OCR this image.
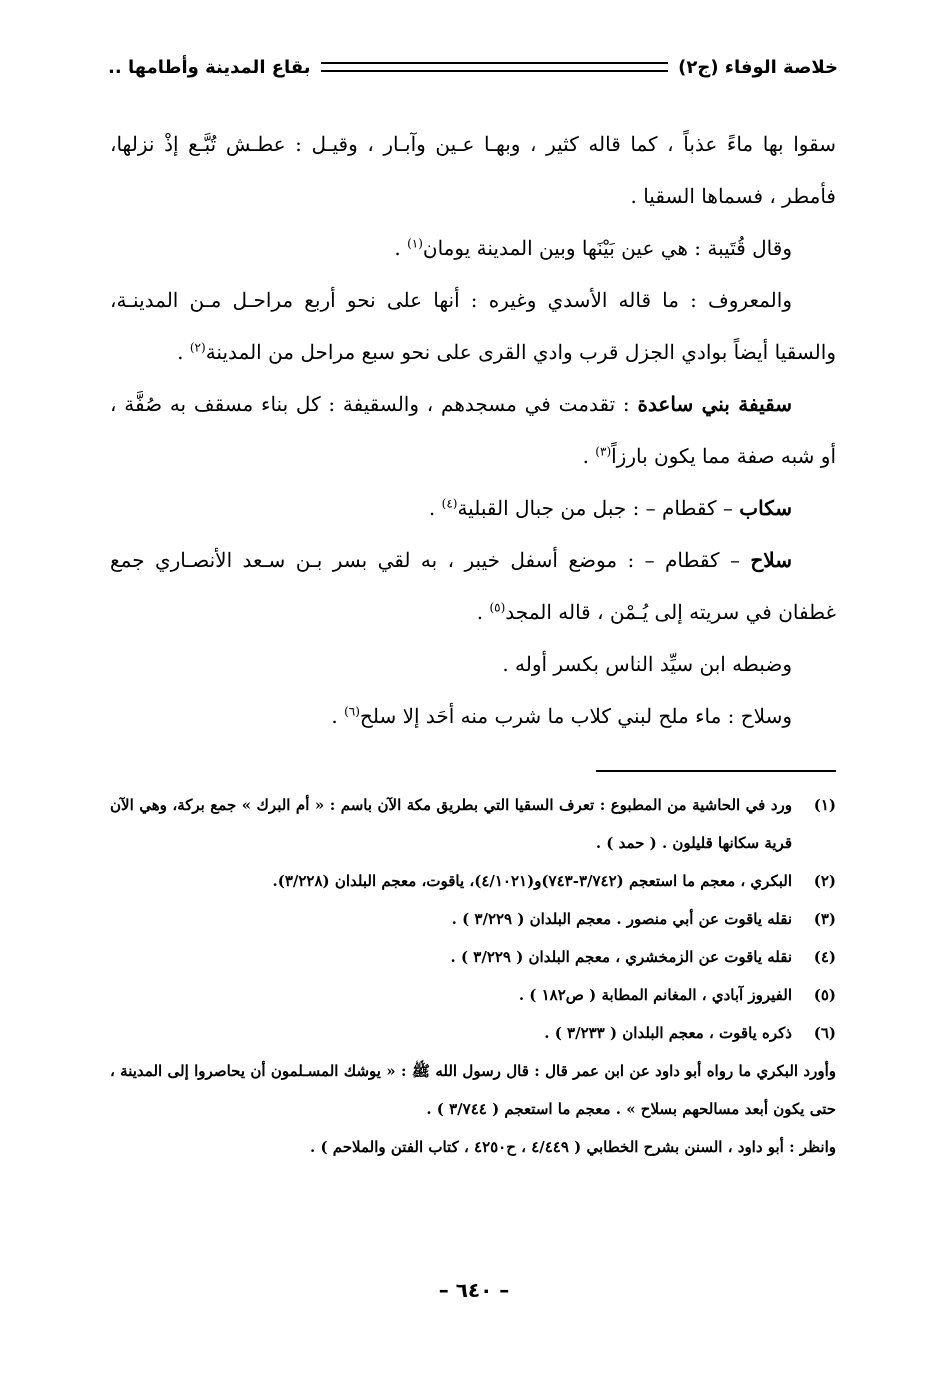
خلاصة الوفاء (ج٢)
بقاع المدينة وأطامها ..

سقوا بها ماءً عذباً ، كما قاله كثير ، وبهـا عـين وآبـار ، وقيـل : عطـش تُبَّـع إذْ نزلها، فأمطر ، فسماها السقيا .

وقال قُتَيبة : هي عين بَيْنَها وبين المدينة يومان$^{(١)}$ .

والمعروف : ما قاله الأسدي وغيره : أنها على نحو أربع مراحـل مـن المدينـة، والسقيا أيضاً بوادي الجزل قرب وادي القرى على نحو سبع مراحل من المدينة$^{(٢)}$ .

سقيفة بني ساعدة : تقدمت في مسجدهم ، والسقيفة : كل بناء مسقف به صُفَّة ، أو شبه صفة مما يكون بارزاً$^{(٣)}$ .

سكاب – كقطام – : جبل من جبال القبلية$^{(٤)}$ .

سلاح – كقطام – : موضع أسفل خيبر ، به لقي بسر بـن سـعد الأنصـاري جمع غطفان في سريته إلى يُـمْن ، قاله المجد$^{(٥)}$ .

وضبطه ابن سيِّد الناس بكسر أوله .

وسلاح : ماء ملح لبني كلاب ما شرب منه أحَد إلا سلح$^{(٦)}$ .

(١)
ورد في الحاشية من المطبوع : تعرف السقيا التي بطريق مكة الآن باسم : « أم البرك » جمع بركة، وهي الآن قرية سكانها قليلون . ( حمد ) .
(٢)
البكري ، معجم ما استعجم (٣/٧٤٢-٧٤٣)و(٤/١٠٢١)، ياقوت، معجم البلدان (٣/٢٢٨).
(٣)
نقله ياقوت عن أبي منصور . معجم البلدان ( ٣/٢٢٩ ) .
(٤)
نقله ياقوت عن الزمخشري ، معجم البلدان ( ٣/٢٢٩ ) .
(٥)
الفيروز آبادي ، المغانم المطابة ( ص١٨٢ ) .
(٦)
ذكره ياقوت ، معجم البلدان ( ٣/٢٣٣ ) .

وأورد البكري ما رواه أبو داود عن ابن عمر قال : قال رسول الله ﷺ : « يوشك المسـلمون أن يحاصروا إلى المدينة ، حتى يكون أبعد مسالحهم بسلاح » . معجم ما استعجم ( ٣/٧٤٤ ) .

وانظر : أبو داود ، السنن بشرح الخطابي ( ٤/٤٤٩ ، ح٤٢٥٠ ، كتاب الفتن والملاحم ) .

– ٦٤٠ –
